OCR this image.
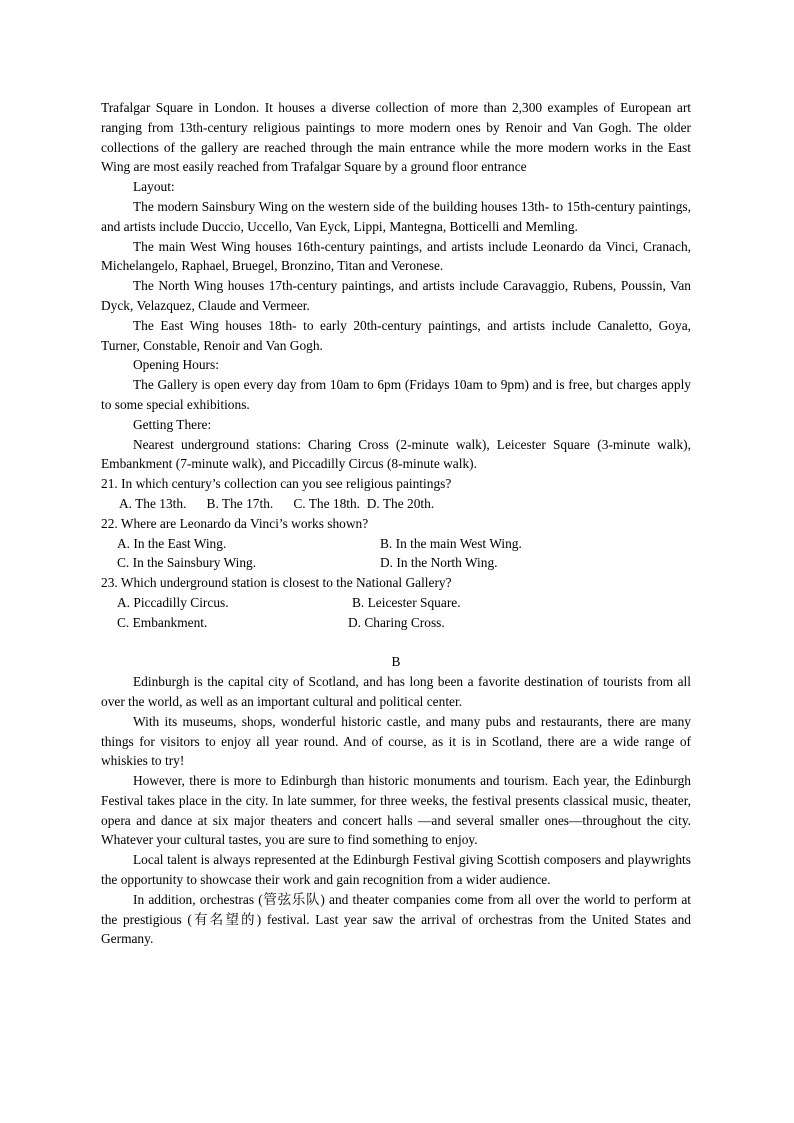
Trafalgar Square in London. It houses a diverse collection of more than 2,300 examples of European art ranging from 13th-century religious paintings to more modern ones by Renoir and Van Gogh. The older collections of the gallery are reached through the main entrance while the more modern works in the East Wing are most easily reached from Trafalgar Square by a ground floor entrance

Layout:

The modern Sainsbury Wing on the western side of the building houses 13th- to 15th-century paintings, and artists include Duccio, Uccello, Van Eyck, Lippi, Mantegna, Botticelli and Memling.

The main West Wing houses 16th-century paintings, and artists include Leonardo da Vinci, Cranach, Michelangelo, Raphael, Bruegel, Bronzino, Titan and Veronese.

The North Wing houses 17th-century paintings, and artists include Caravaggio, Rubens, Poussin, Van Dyck, Velazquez, Claude and Vermeer.

The East Wing houses 18th- to early 20th-century paintings, and artists include Canaletto, Goya, Turner, Constable, Renoir and Van Gogh.

Opening Hours:

The Gallery is open every day from 10am to 6pm (Fridays 10am to 9pm) and is free, but charges apply to some special exhibitions.

Getting There:

Nearest underground stations: Charing Cross (2-minute walk), Leicester Square (3-minute walk), Embankment (7-minute walk), and Piccadilly Circus (8-minute walk).

21. In which century’s collection can you see religious paintings?

A. The 13th.      B. The 17th.      C. The 18th.  D. The 20th.

22. Where are Leonardo da Vinci’s works shown?

A. In the East Wing.	B. In the main West Wing.
C. In the Sainsbury Wing.	D. In the North Wing.

23. Which underground station is closest to the National Gallery?

A. Piccadilly Circus.	B. Leicester Square.
C. Embankment.	D. Charing Cross.

B

Edinburgh is the capital city of Scotland, and has long been a favorite destination of tourists from all over the world, as well as an important cultural and political center.

With its museums, shops, wonderful historic castle, and many pubs and restaurants, there are many things for visitors to enjoy all year round. And of course, as it is in Scotland, there are a wide range of whiskies to try!

However, there is more to Edinburgh than historic monuments and tourism. Each year, the Edinburgh Festival takes place in the city. In late summer, for three weeks, the festival presents classical music, theater, opera and dance at six major theaters and concert halls —and several smaller ones—throughout the city. Whatever your cultural tastes, you are sure to find something to enjoy.

Local talent is always represented at the Edinburgh Festival giving Scottish composers and playwrights the opportunity to showcase their work and gain recognition from a wider audience.

In addition, orchestras (管弦乐队) and theater companies come from all over the world to perform at the prestigious (有名望的) festival. Last year saw the arrival of orchestras from the United States and Germany.
